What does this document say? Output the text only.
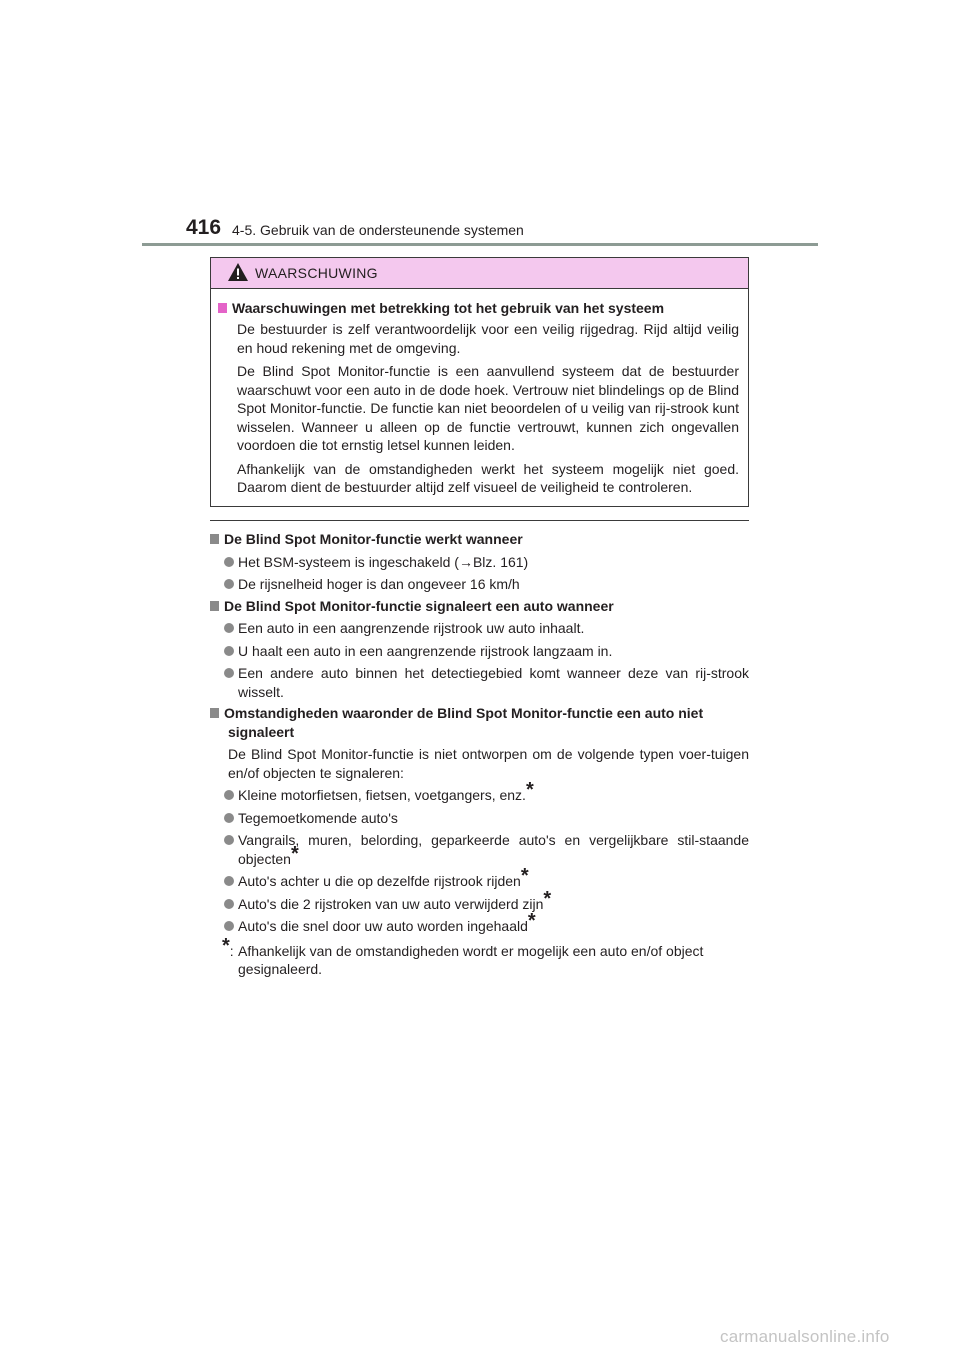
416 4-5. Gebruik van de ondersteunende systemen
WAARSCHUWING
Waarschuwingen met betrekking tot het gebruik van het systeem
De bestuurder is zelf verantwoordelijk voor een veilig rijgedrag. Rijd altijd veilig en houd rekening met de omgeving.
De Blind Spot Monitor-functie is een aanvullend systeem dat de bestuurder waarschuwt voor een auto in de dode hoek. Vertrouw niet blindelings op de Blind Spot Monitor-functie. De functie kan niet beoordelen of u veilig van rij-strook kunt wisselen. Wanneer u alleen op de functie vertrouwt, kunnen zich ongevallen voordoen die tot ernstig letsel kunnen leiden.
Afhankelijk van de omstandigheden werkt het systeem mogelijk niet goed. Daarom dient de bestuurder altijd zelf visueel de veiligheid te controleren.
De Blind Spot Monitor-functie werkt wanneer
Het BSM-systeem is ingeschakeld (→Blz. 161)
De rijsnelheid hoger is dan ongeveer 16 km/h
De Blind Spot Monitor-functie signaleert een auto wanneer
Een auto in een aangrenzende rijstrook uw auto inhaalt.
U haalt een auto in een aangrenzende rijstrook langzaam in.
Een andere auto binnen het detectiegebied komt wanneer deze van rij-strook wisselt.
Omstandigheden waaronder de Blind Spot Monitor-functie een auto niet signaleert
De Blind Spot Monitor-functie is niet ontworpen om de volgende typen voer-tuigen en/of objecten te signaleren:
Kleine motorfietsen, fietsen, voetgangers, enz.*
Tegemoetkomende auto's
Vangrails, muren, belording, geparkeerde auto's en vergelijkbare stil-staande objecten*
Auto's achter u die op dezelfde rijstrook rijden*
Auto's die 2 rijstroken van uw auto verwijderd zijn*
Auto's die snel door uw auto worden ingehaald*
*: Afhankelijk van de omstandigheden wordt er mogelijk een auto en/of object gesignaleerd.
carmanualsonline.info
